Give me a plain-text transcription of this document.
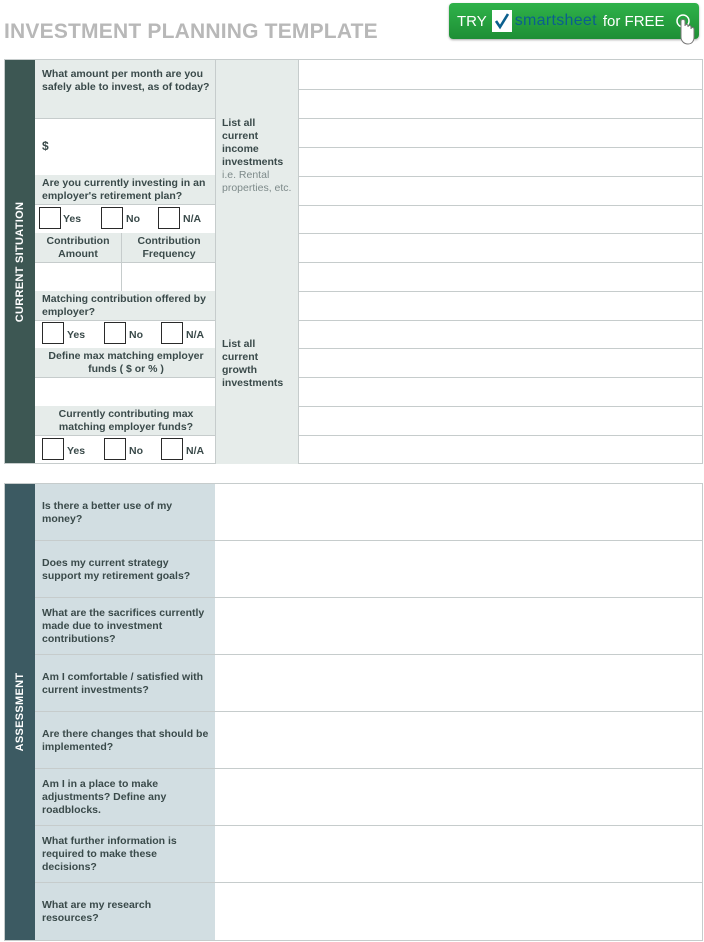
INVESTMENT PLANNING TEMPLATE	TRY smartsheet for FREE
CURRENT SITUATION
What amount per month are you safely able to invest, as of today?
$
Are you currently investing in an employer's retirement plan?
Yes	No	N/A
Contribution Amount
Contribution Frequency
Matching contribution offered by employer?
Yes	No	N/A
Define max matching employer funds ( $ or % )
Currently contributing max matching employer funds?
Yes	No	N/A
List all current income investments
i.e. Rental properties, etc.
List all current growth investments
ASSESSMENT
Is there a better use of my money?
Does my current strategy support my retirement goals?
What are the sacrifices currently made due to investment contributions?
Am I comfortable / satisfied with current investments?
Are there changes that should be implemented?
Am I in a place to make adjustments? Define any roadblocks.
What further information is required to make these decisions?
What are my research resources?
